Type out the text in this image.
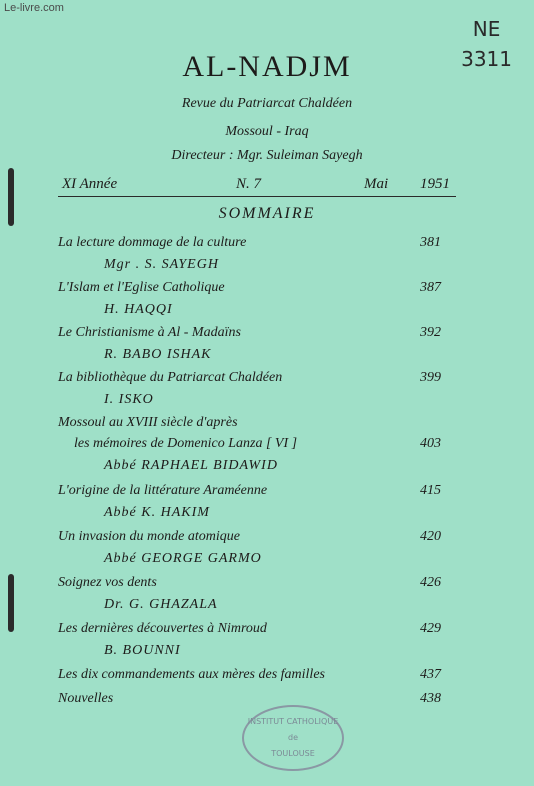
Le-livre.com
NE
3311
AL-NADJM
Revue du Patriarcat Chaldéen
Mossoul - Iraq
Directeur : Mgr. Suleiman Sayegh
XI Année	N. 7	Mai 1951
SOMMAIRE
La lecture dommage de la culture	381
Mgr . S. SAYEGH
L'Islam et l'Eglise Catholique	387
H. HAQQI
Le Christianisme à Al - Madaïns	392
R. BABO ISHAK
La bibliothèque du Patriarcat Chaldéen	399
I. ISKO
Mossoul au XVIII siècle d'après
les mémoires de Domenico Lanza [ VI ]	403
Abbé RAPHAEL BIDAWID
L'origine de la littérature Araméenne	415
Abbé K. HAKIM
Un invasion du monde atomique	420
Abbé GEORGE GARMO
Soignez vos dents	426
Dr. G. GHAZALA
Les dernières découvertes à Nimroud	429
B. BOUNNI
Les dix commandements aux mères des familles	437
Nouvelles	438
INSTITUT CATHOLIQUE
de
TOULOUSE
